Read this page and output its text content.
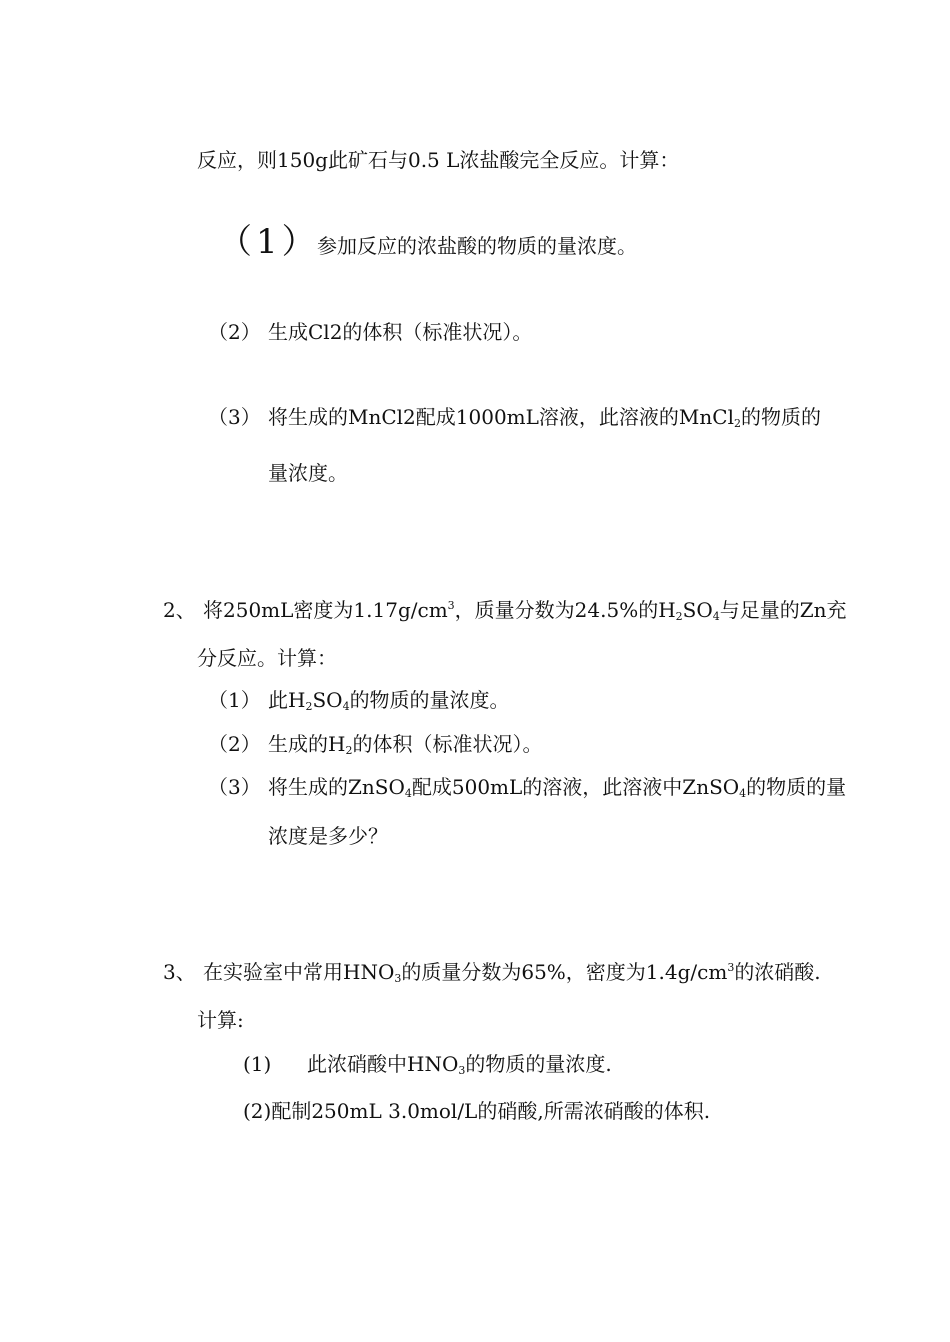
反应，则150g此矿石与0.5 L浓盐酸完全反应。计算：
（1）
参加反应的浓盐酸的物质的量浓度。
（2） 生成Cl2的体积（标准状况）。
（3） 将生成的MnCl2配成1000mL溶液，此溶液的MnCl$_2$的物质的
量浓度。
2、 将250mL密度为$1.17g/cm^3$，质量分数为24.5%的$H_2SO_4$与足量的Zn充
分反应。计算：
（1） 此$H_2SO_4$的物质的量浓度。
（2） 生成的$H_2$的体积（标准状况）。
（3） 将生成的ZnSO$_4$配成500mL的溶液，此溶液中ZnSO$_4$的物质的量
浓度是多少？
3、 在实验室中常用$HNO_3$的质量分数为65%，密度为$1.4g/cm^3$的浓硝酸.
计算:
(1) 此浓硝酸中$HNO_3$的物质的量浓度.
(2)配制250mL 3.0mol/L的硝酸,所需浓硝酸的体积.
